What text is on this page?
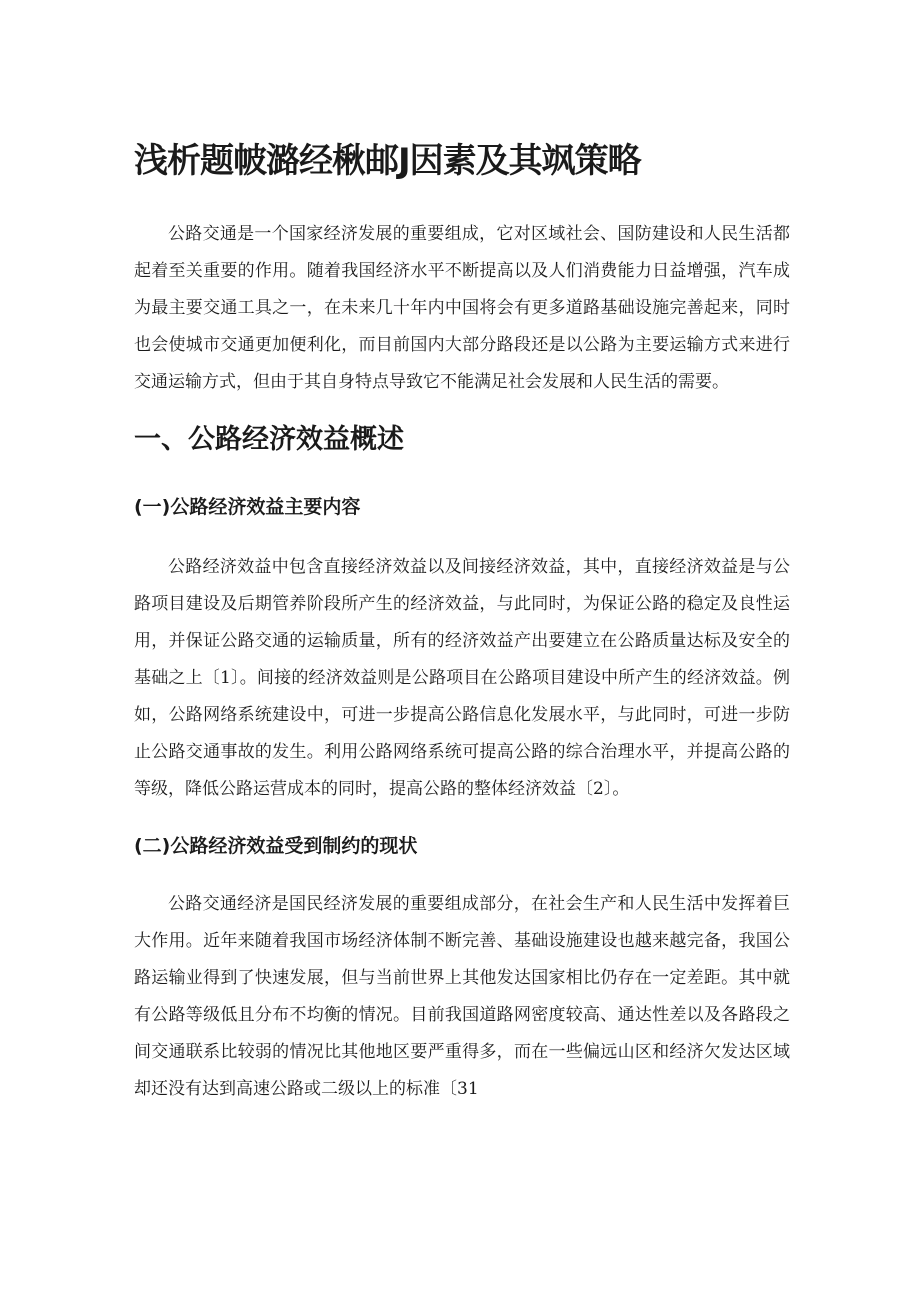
浅析题帔潞经楸邮J因素及其飒策略

公路交通是一个国家经济发展的重要组成，它对区域社会、国防建设和人民生活都起着至关重要的作用。随着我国经济水平不断提高以及人们消费能力日益增强，汽车成为最主要交通工具之一，在未来几十年内中国将会有更多道路基础设施完善起来，同时也会使城市交通更加便利化，而目前国内大部分路段还是以公路为主要运输方式来进行交通运输方式，但由于其自身特点导致它不能满足社会发展和人民生活的需要。

一、公路经济效益概述
(一)公路经济效益主要内容

公路经济效益中包含直接经济效益以及间接经济效益，其中，直接经济效益是与公路项目建设及后期管养阶段所产生的经济效益，与此同时，为保证公路的稳定及良性运用，并保证公路交通的运输质量，所有的经济效益产出要建立在公路质量达标及安全的基础之上〔1〕。间接的经济效益则是公路项目在公路项目建设中所产生的经济效益。例如，公路网络系统建设中，可进一步提高公路信息化发展水平，与此同时，可进一步防止公路交通事故的发生。利用公路网络系统可提高公路的综合治理水平，并提高公路的等级，降低公路运营成本的同时，提高公路的整体经济效益〔2〕。

(二)公路经济效益受到制约的现状

公路交通经济是国民经济发展的重要组成部分，在社会生产和人民生活中发挥着巨大作用。近年来随着我国市场经济体制不断完善、基础设施建设也越来越完备，我国公路运输业得到了快速发展，但与当前世界上其他发达国家相比仍存在一定差距。其中就有公路等级低且分布不均衡的情况。目前我国道路网密度较高、通达性差以及各路段之间交通联系比较弱的情况比其他地区要严重得多，而在一些偏远山区和经济欠发达区域却还没有达到高速公路或二级以上的标准〔31
